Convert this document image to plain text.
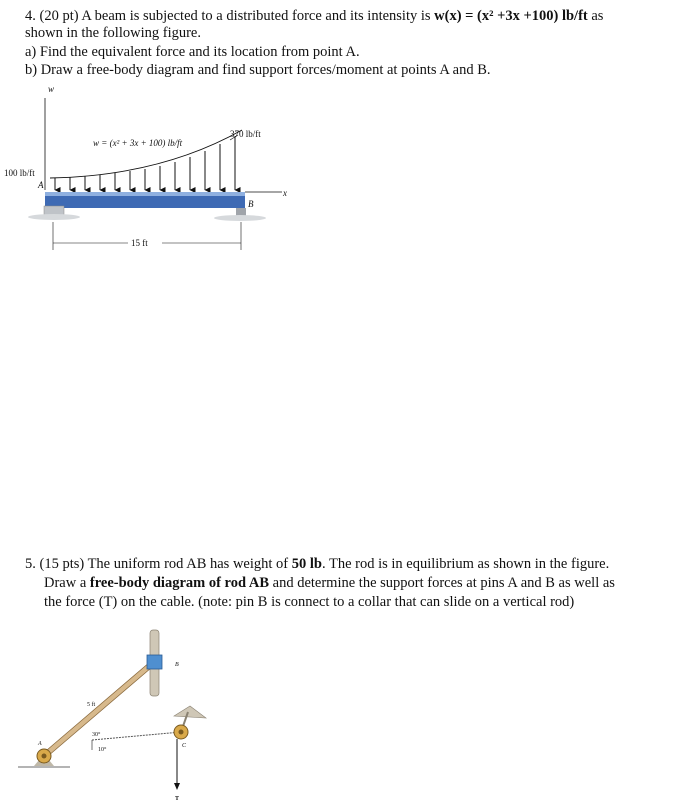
4. (20 pt) A beam is subjected to a distributed force and its intensity is w(x) = (x² +3x +100) lb/ft as
shown in the following figure.
a) Find the equivalent force and its location from point A.
b) Draw a free-body diagram and find support forces/moment at points A and B.
w
w = (x² + 3x + 100) lb/ft
370 lb/ft
100 lb/ft
A
x
B
15 ft
5. (15 pts) The uniform rod AB has weight of 50 lb. The rod is in equilibrium as shown in the figure.
Draw a free-body diagram of rod AB and determine the support forces at pins A and B as well as
the force (T) on the cable. (note: pin B is connect to a collar that can slide on a vertical rod)
B
A	C
T
5 ft
30°
10°
